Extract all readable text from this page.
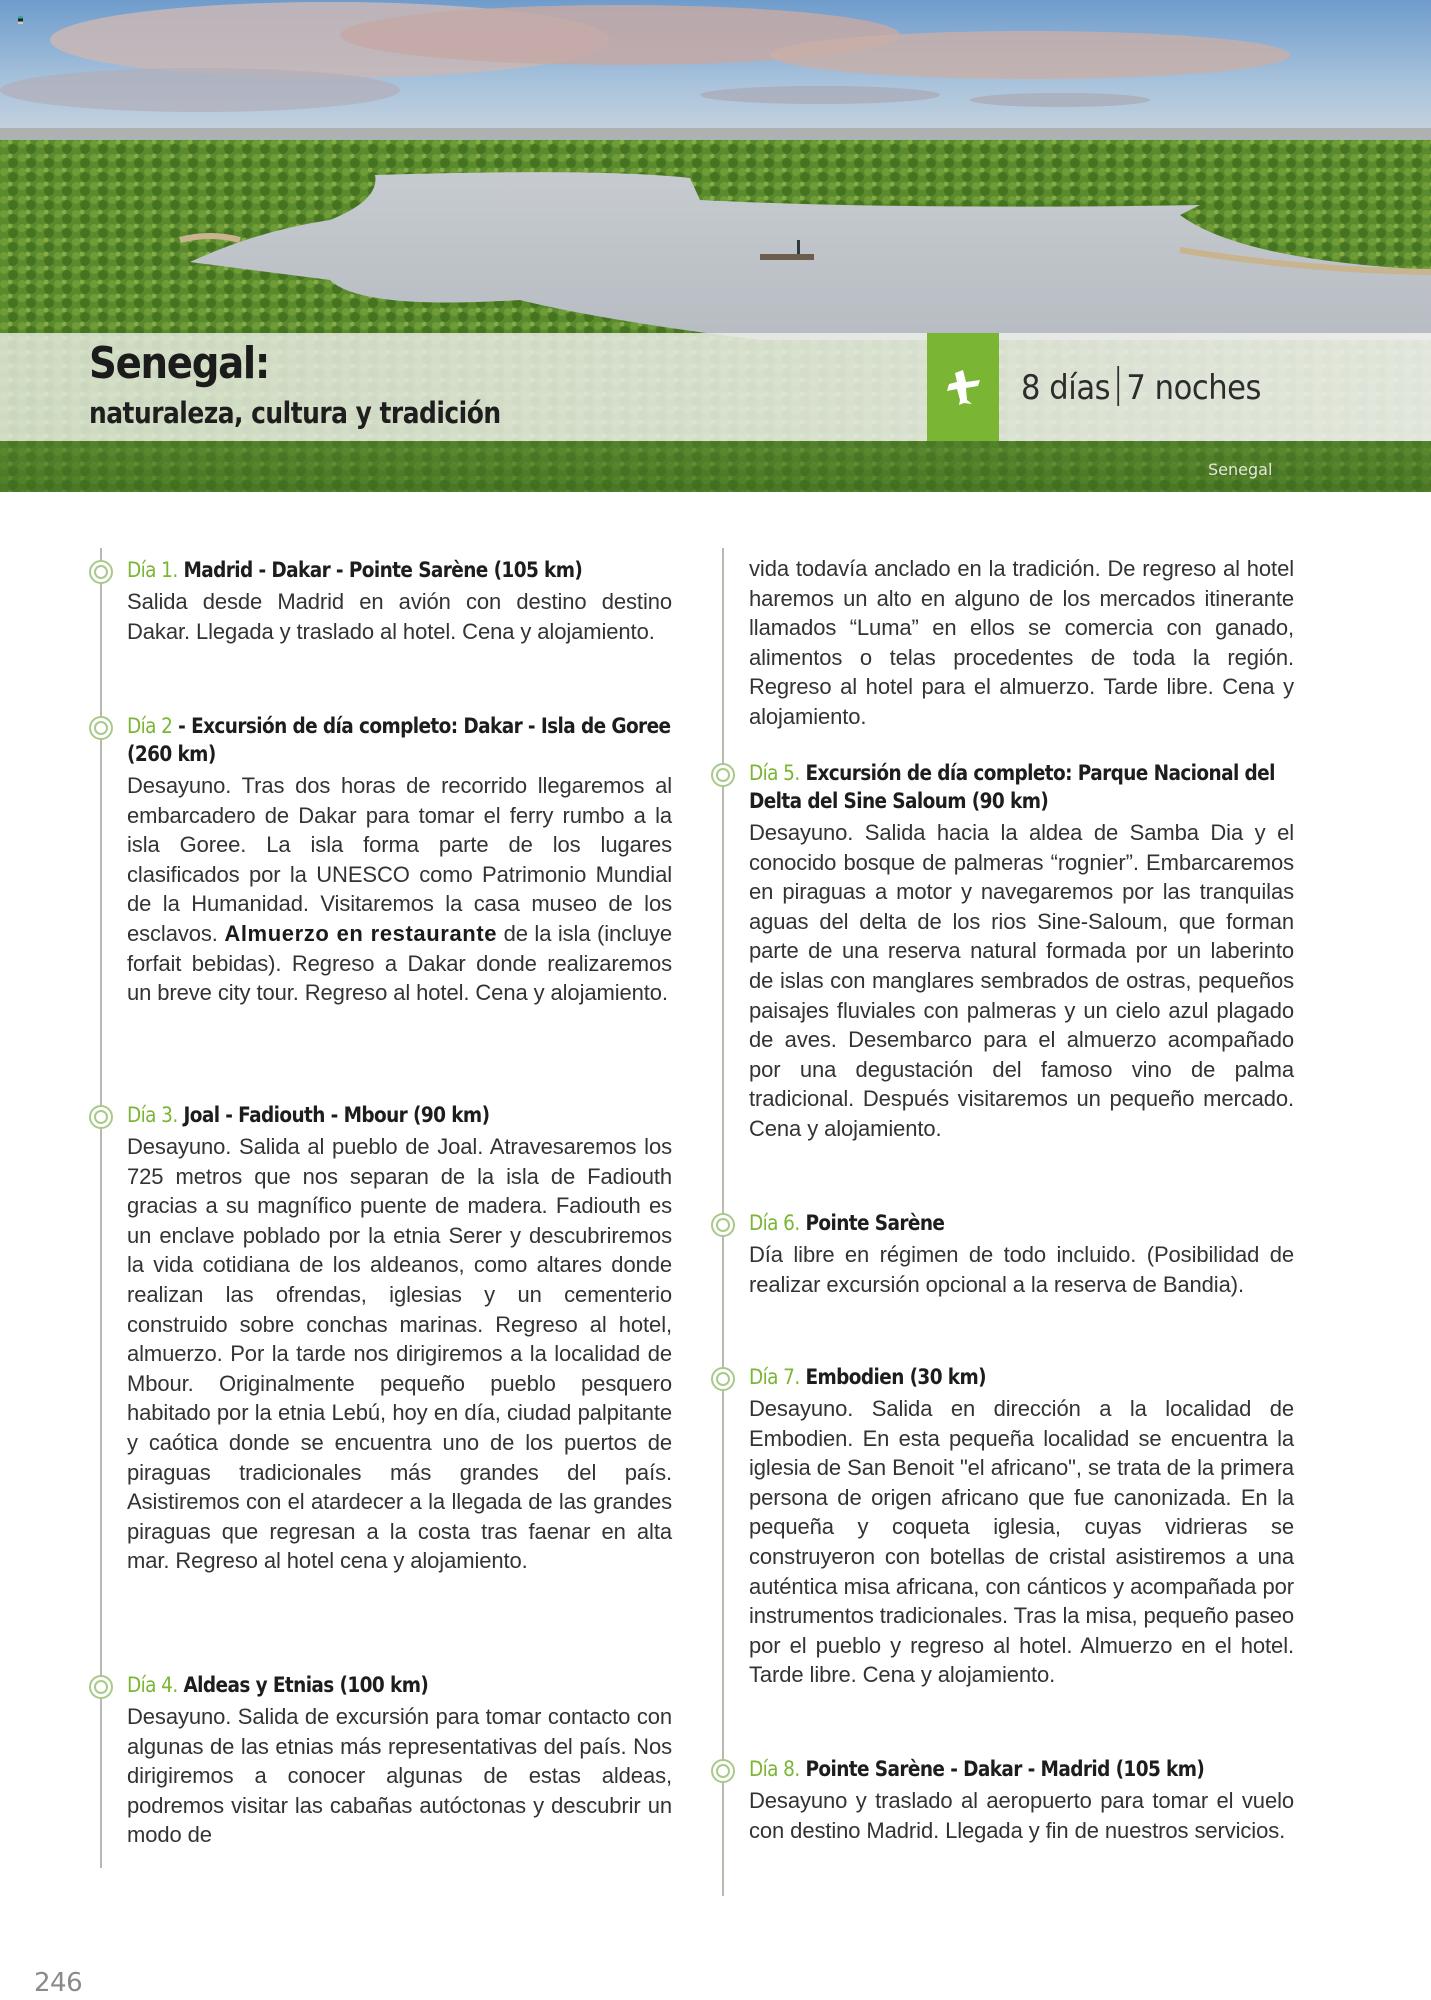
Senegal:
naturaleza, cultura y tradición
8 días 7 noches
Senegal
Día 1. Madrid - Dakar - Pointe Sarène (105 km)
Salida desde Madrid en avión con destino destino Dakar. Llegada y traslado al hotel. Cena y alojamiento.
Día 2 - Excursión de día completo: Dakar - Isla de Goree (260 km)
Desayuno. Tras dos horas de recorrido llegaremos al embarcadero de Dakar para tomar el ferry rumbo a la isla Goree. La isla forma parte de los lugares clasificados por la UNESCO como Patrimonio Mundial de la Humanidad. Visitaremos la casa museo de los esclavos. Almuerzo en restaurante de la isla (incluye forfait bebidas). Regreso a Dakar donde realizaremos un breve city tour. Regreso al hotel. Cena y alojamiento.
Día 3. Joal - Fadiouth - Mbour (90 km)
Desayuno. Salida al pueblo de Joal. Atravesaremos los 725 metros que nos separan de la isla de Fadiouth gracias a su magnífico puente de madera. Fadiouth es un enclave poblado por la etnia Serer y descubriremos la vida cotidiana de los aldeanos, como altares donde realizan las ofrendas, iglesias y un cementerio construido sobre conchas marinas. Regreso al hotel, almuerzo. Por la tarde nos dirigiremos a la localidad de Mbour. Originalmente pequeño pueblo pesquero habitado por la etnia Lebú, hoy en día, ciudad palpitante y caótica donde se encuentra uno de los puertos de piraguas tradicionales más grandes del país. Asistiremos con el atardecer a la llegada de las grandes piraguas que regresan a la costa tras faenar en alta mar. Regreso al hotel cena y alojamiento.
Día 4. Aldeas y Etnias (100 km)
Desayuno. Salida de excursión para tomar contacto con algunas de las etnias más representativas del país. Nos dirigiremos a conocer algunas de estas aldeas, podremos visitar las cabañas autóctonas y descubrir un modo de
vida todavía anclado en la tradición. De regreso al hotel haremos un alto en alguno de los mercados itinerante llamados “Luma” en ellos se comercia con ganado, alimentos o telas procedentes de toda la región. Regreso al hotel para el almuerzo. Tarde libre. Cena y alojamiento.
Día 5. Excursión de día completo: Parque Nacional del Delta del Sine Saloum (90 km)
Desayuno. Salida hacia la aldea de Samba Dia y el conocido bosque de palmeras “rognier”. Embarcaremos en piraguas a motor y navegaremos por las tranquilas aguas del delta de los rios Sine-Saloum, que forman parte de una reserva natural formada por un laberinto de islas con manglares sembrados de ostras, pequeños paisajes fluviales con palmeras y un cielo azul plagado de aves. Desembarco para el almuerzo acompañado por una degustación del famoso vino de palma tradicional. Después visitaremos un pequeño mercado. Cena y alojamiento.
Día 6. Pointe Sarène
Día libre en régimen de todo incluido. (Posibilidad de realizar excursión opcional a la reserva de Bandia).
Día 7. Embodien (30 km)
Desayuno. Salida en dirección a la localidad de Embodien. En esta pequeña localidad se encuentra la iglesia de San Benoit "el africano", se trata de la primera persona de origen africano que fue canonizada. En la pequeña y coqueta iglesia, cuyas vidrieras se construyeron con botellas de cristal asistiremos a una auténtica misa africana, con cánticos y acompañada por instrumentos tradicionales. Tras la misa, pequeño paseo por el pueblo y regreso al hotel. Almuerzo en el hotel. Tarde libre. Cena y alojamiento.
Día 8. Pointe Sarène - Dakar - Madrid (105 km)
Desayuno y traslado al aeropuerto para tomar el vuelo con destino Madrid. Llegada y fin de nuestros servicios.
246
